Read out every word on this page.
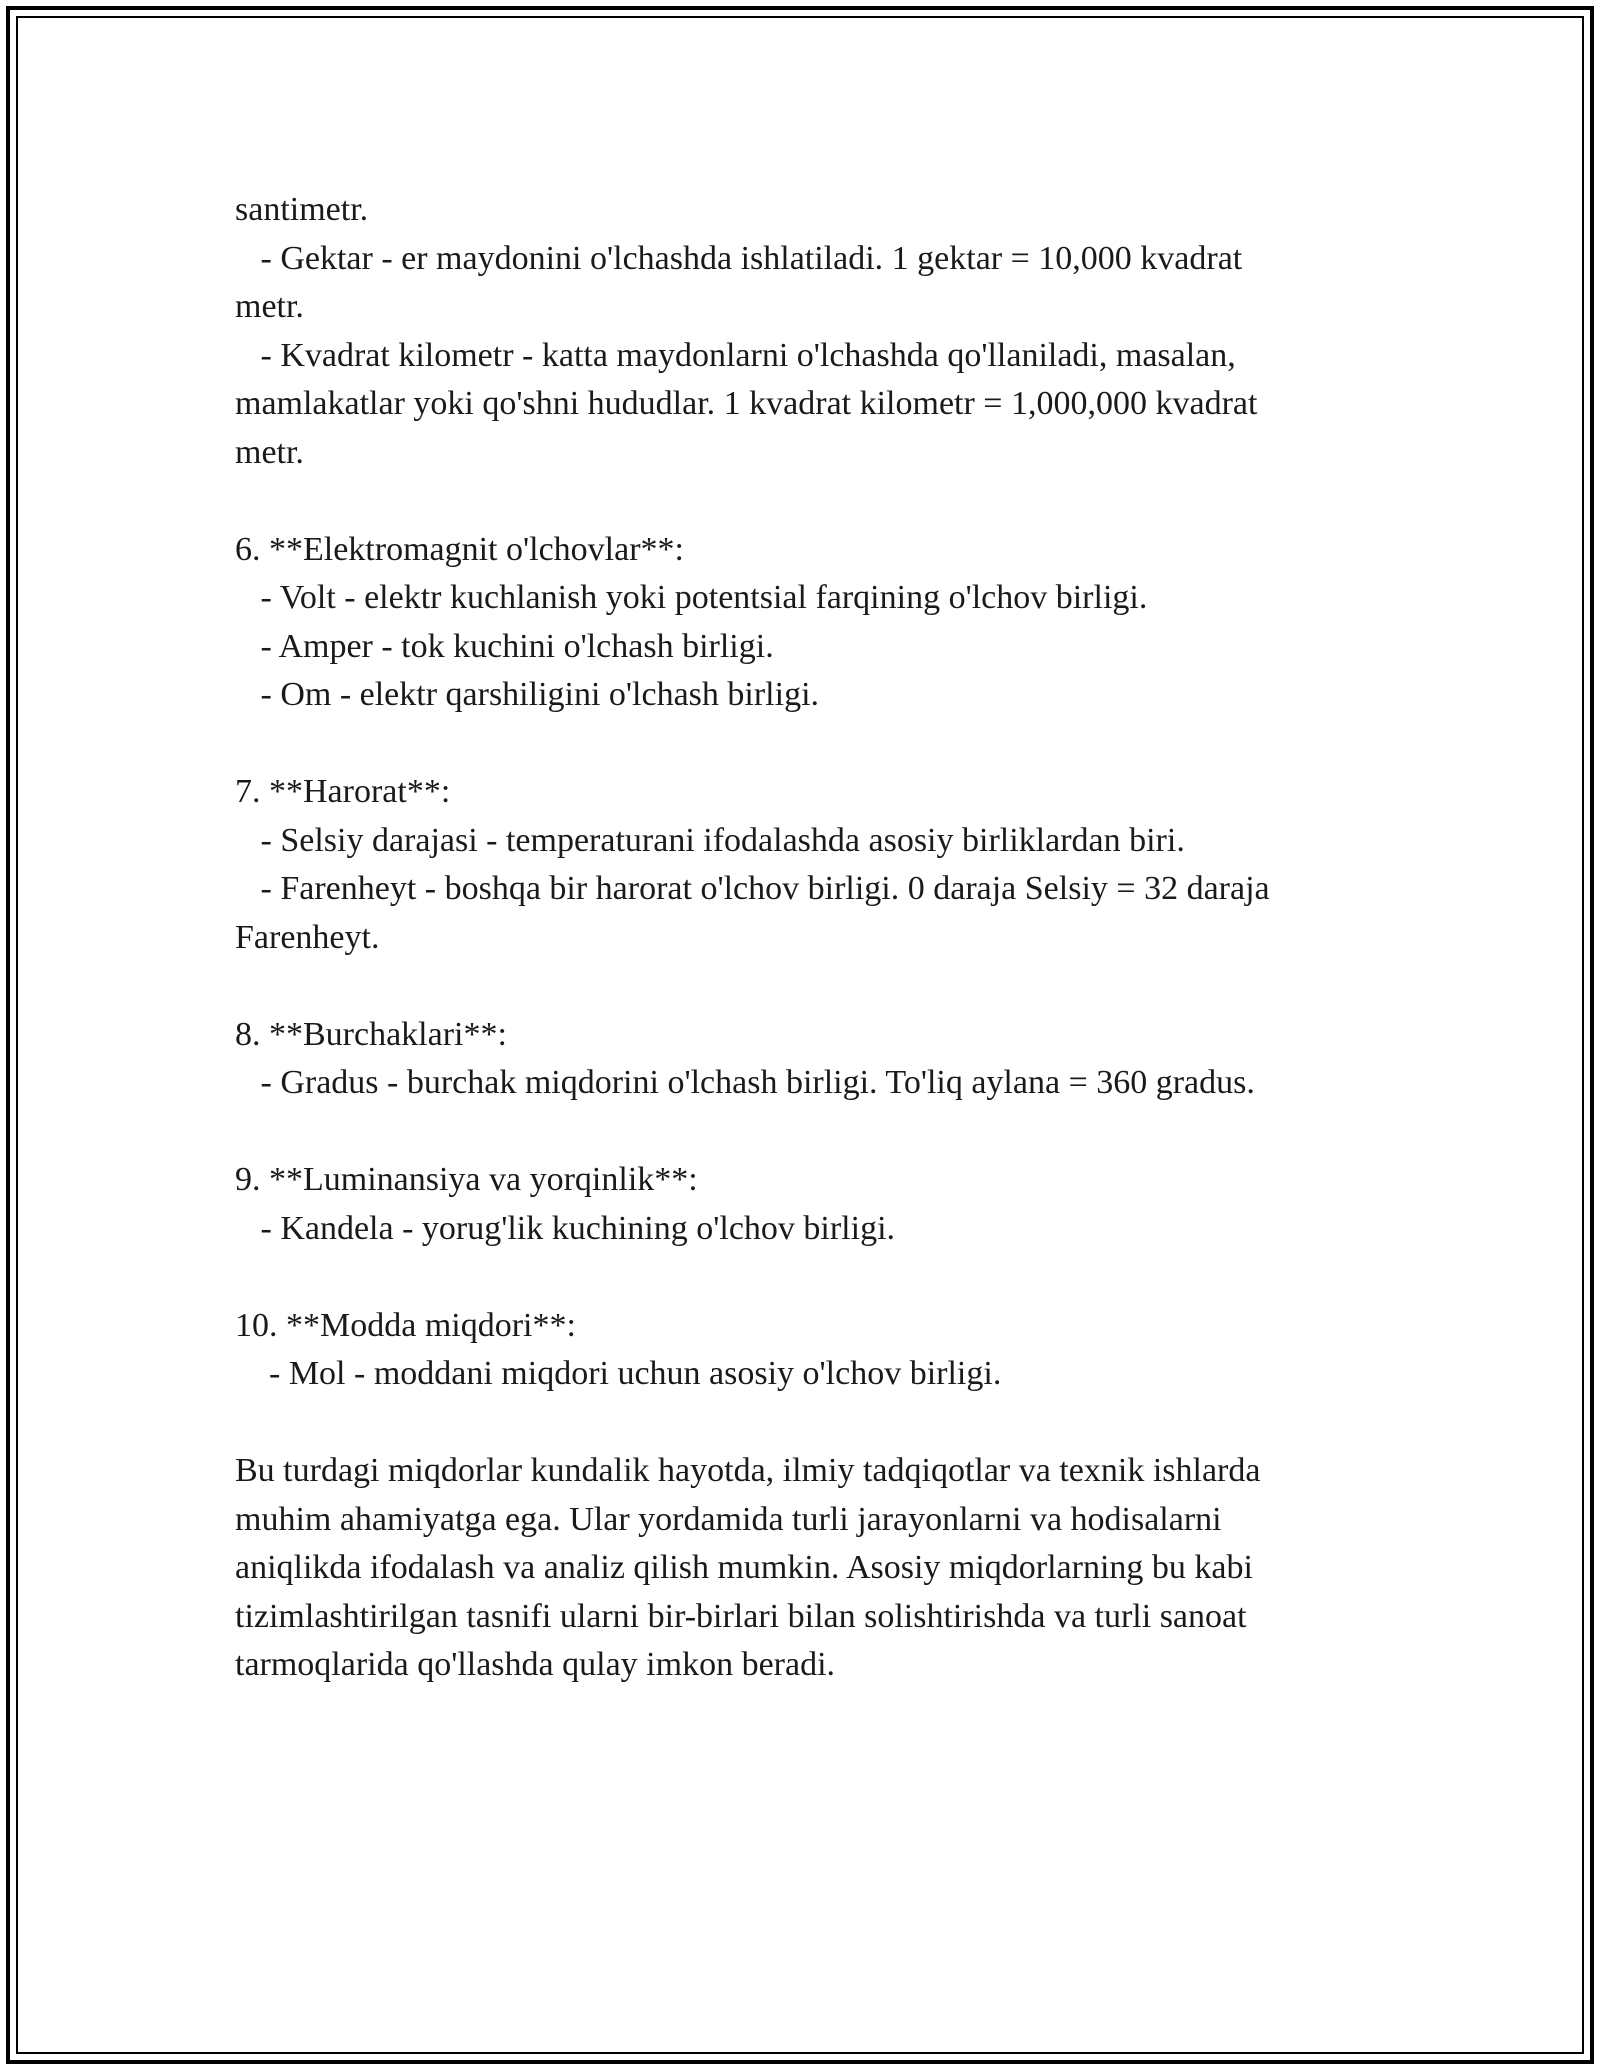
santimetr.
- Gektar - er maydonini o'lchashda ishlatiladi. 1 gektar = 10,000 kvadrat
metr.
- Kvadrat kilometr - katta maydonlarni o'lchashda qo'llaniladi, masalan,
mamlakatlar yoki qo'shni hududlar. 1 kvadrat kilometr = 1,000,000 kvadrat
metr.
6. **Elektromagnit o'lchovlar**:
- Volt - elektr kuchlanish yoki potentsial farqining o'lchov birligi.
- Amper - tok kuchini o'lchash birligi.
- Om - elektr qarshiligini o'lchash birligi.
7. **Harorat**:
- Selsiy darajasi - temperaturani ifodalashda asosiy birliklardan biri.
- Farenheyt - boshqa bir harorat o'lchov birligi. 0 daraja Selsiy = 32 daraja
Farenheyt.
8. **Burchaklari**:
- Gradus - burchak miqdorini o'lchash birligi. To'liq aylana = 360 gradus.
9. **Luminansiya va yorqinlik**:
- Kandela - yorug'lik kuchining o'lchov birligi.
10. **Modda miqdori**:
- Mol - moddani miqdori uchun asosiy o'lchov birligi.
Bu turdagi miqdorlar kundalik hayotda, ilmiy tadqiqotlar va texnik ishlarda
muhim ahamiyatga ega. Ular yordamida turli jarayonlarni va hodisalarni
aniqlikda ifodalash va analiz qilish mumkin. Asosiy miqdorlarning bu kabi
tizimlashtirilgan tasnifi ularni bir-birlari bilan solishtirishda va turli sanoat
tarmoqlarida qo'llashda qulay imkon beradi.
